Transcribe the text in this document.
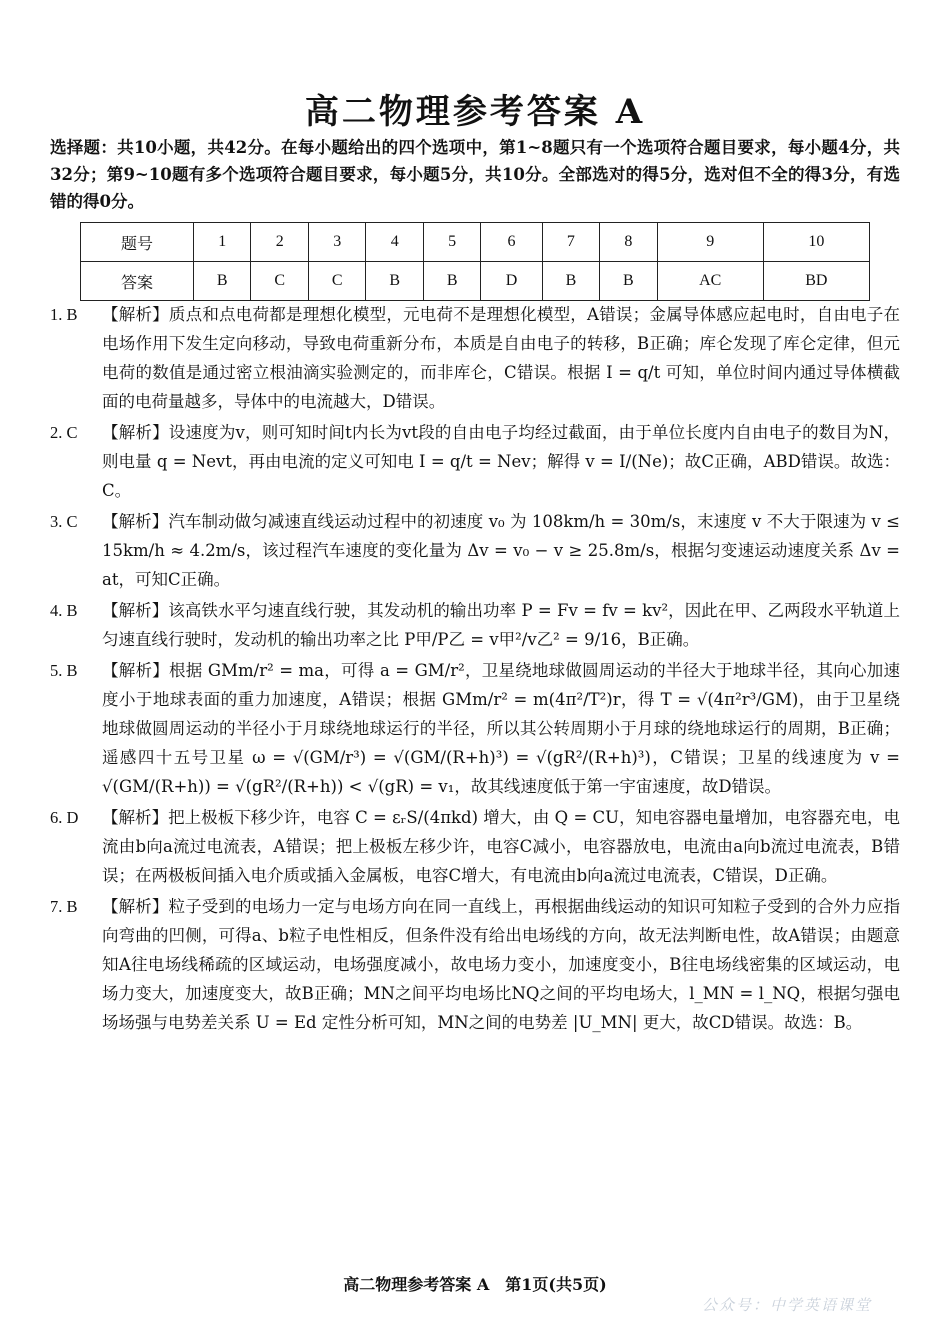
高二物理参考答案 A
选择题：共10小题，共42分。在每小题给出的四个选项中，第1~8题只有一个选项符合题目要求，每小题4分，共32分；第9~10题有多个选项符合题目要求，每小题5分，共10分。全部选对的得5分，选对但不全的得3分，有选错的得0分。
题号	1	2	3	4	5	6	7	8	9	10
答案	B	C	C	B	B	D	B	B	AC	BD
1. B 【解析】质点和点电荷都是理想化模型，元电荷不是理想化模型，A错误；金属导体感应起电时，自由电子在电场作用下发生定向移动，导致电荷重新分布，本质是自由电子的转移，B正确；库仑发现了库仑定律，但元电荷的数值是通过密立根油滴实验测定的，而非库仑，C错误。根据 I = q/t 可知，单位时间内通过导体横截面的电荷量越多，导体中的电流越大，D错误。
2. C 【解析】设速度为v，则可知时间t内长为vt段的自由电子均经过截面，由于单位长度内自由电子的数目为N，则电量 q = Nevt，再由电流的定义可知电 I = q/t = Nev；解得 v = I/(Ne)；故C正确，ABD错误。故选：C。
3. C 【解析】汽车制动做匀减速直线运动过程中的初速度 v₀ 为 108km/h = 30m/s，末速度 v 不大于限速为 v ≤ 15km/h ≈ 4.2m/s，该过程汽车速度的变化量为 Δv = v₀ − v ≥ 25.8m/s，根据匀变速运动速度关系 Δv = at，可知C正确。
4. B 【解析】该高铁水平匀速直线行驶，其发动机的输出功率 P = Fv = fv = kv²，因此在甲、乙两段水平轨道上匀速直线行驶时，发动机的输出功率之比 P甲/P乙 = v甲²/v乙² = 9/16，B正确。
5. B 【解析】根据 GMm/r² = ma，可得 a = GM/r²，卫星绕地球做圆周运动的半径大于地球半径，其向心加速度小于地球表面的重力加速度，A错误；根据 GMm/r² = m(4π²/T²)r，得 T = √(4π²r³/GM)，由于卫星绕地球做圆周运动的半径小于月球绕地球运行的半径，所以其公转周期小于月球的绕地球运行的周期，B正确；遥感四十五号卫星 ω = √(GM/r³) = √(GM/(R+h)³) = √(gR²/(R+h)³)，C错误；卫星的线速度为 v = √(GM/(R+h)) = √(gR²/(R+h)) < √(gR) = v₁，故其线速度低于第一宇宙速度，故D错误。
6. D 【解析】把上极板下移少许，电容 C = εᵣS/(4πkd) 增大，由 Q = CU，知电容器电量增加，电容器充电，电流由b向a流过电流表，A错误；把上极板左移少许，电容C减小，电容器放电，电流由a向b流过电流表，B错误；在两极板间插入电介质或插入金属板，电容C增大，有电流由b向a流过电流表，C错误，D正确。
7. B 【解析】粒子受到的电场力一定与电场方向在同一直线上，再根据曲线运动的知识可知粒子受到的合外力应指向弯曲的凹侧，可得a、b粒子电性相反，但条件没有给出电场线的方向，故无法判断电性，故A错误；由题意知A往电场线稀疏的区域运动，电场强度减小，故电场力变小，加速度变小，B往电场线密集的区域运动，电场力变大，加速度变大，故B正确；MN之间平均电场比NQ之间的平均电场大，l_MN = l_NQ，根据匀强电场场强与电势差关系 U = Ed 定性分析可知，MN之间的电势差 |U_MN| 更大，故CD错误。故选：B。
高二物理参考答案 A　第1页(共5页)
公众号：中学英语课堂
